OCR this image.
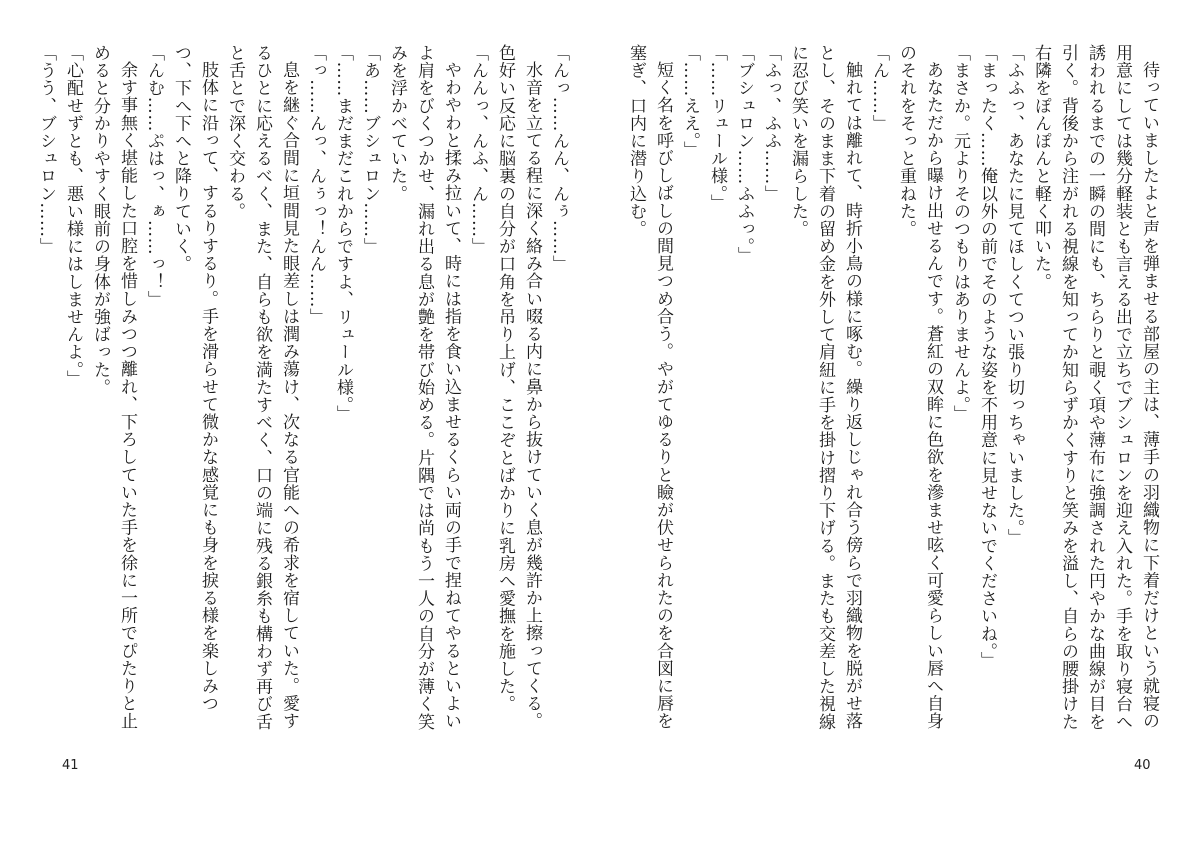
「んっ……んん、んぅ……」

水音を立てる程に深く絡み合い啜る内に鼻から抜けていく息が幾許か上擦ってくる。色好い反応に脳裏の自分が口角を吊り上げ、ここぞとばかりに乳房へ愛撫を施した。

「んんっ、んふ、ん……」

やわやわと揉み拉いて、時には指を食い込ませるくらい両の手で捏ねてやるといよいよ肩をびくつかせ、漏れ出る息が艶を帯び始める。片隅では尚もう一人の自分が薄く笑みを浮かべていた。

「あ……ブシュロン……」

「……まだまだこれからですよ、リュール様。」

「っ……んっ、んぅっ！んん……」

息を継ぐ合間に垣間見た眼差しは潤み蕩け、次なる官能への希求を宿していた。愛するひとに応えるべく、また、自らも欲を満たすべく、口の端に残る銀糸も構わず再び舌と舌とで深く交わる。

肢体に沿って、するりするり。手を滑らせて微かな感覚にも身を捩る様を楽しみつつ、下へ下へと降りていく。

「んむ……ぷはっ、ぁ……っ！」

余す事無く堪能した口腔を惜しみつつ離れ、下ろしていた手を徐に一所でぴたりと止めると分かりやすく眼前の身体が強ばった。

「心配せずとも、悪い様にはしませんよ。」

「うう、ブシュロン……」

41

待っていましたよと声を弾ませる部屋の主は、薄手の羽織物に下着だけという就寝の用意にしては幾分軽装とも言える出で立ちでブシュロンを迎え入れた。手を取り寝台へ誘われるまでの一瞬の間にも、ちらりと覗く項や薄布に強調された円やかな曲線が目を引く。背後から注がれる視線を知ってか知らずかくすりと笑みを溢し、自らの腰掛けた右隣をぽんぽんと軽く叩いた。

「ふふっ、あなたに見てほしくてつい張り切っちゃいました。」

「まったく……俺以外の前でそのような姿を不用意に見せないでくださいね。」

「まさか。元よりそのつもりはありませんよ。」

あなただから曝け出せるんです。蒼紅の双眸に色欲を滲ませ呟く可愛らしい唇へ自身のそれをそっと重ねた。

「ん……」

触れては離れて、時折小鳥の様に啄む。繰り返しじゃれ合う傍らで羽織物を脱がせ落とし、そのまま下着の留め金を外して肩紐に手を掛け摺り下げる。またも交差した視線に忍び笑いを漏らした。

「ふっ、ふふ……」

「ブシュロン……ふふっ。」

「……リュール様。」

「……ええ。」

短く名を呼びしばしの間見つめ合う。やがてゆるりと瞼が伏せられたのを合図に唇を塞ぎ、口内に潜り込む。

40
